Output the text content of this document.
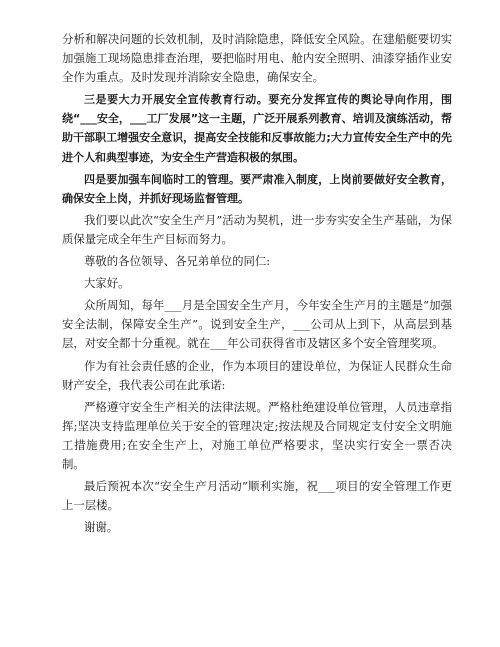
分析和解决问题的长效机制，及时消除隐患，降低安全风险。在建船艇要切实加强施工现场隐患排查治理，要把临时用电、舱内安全照明、油漆穿插作业安全作为重点。及时发现并消除安全隐患，确保安全。

三是要大力开展安全宣传教育行动。要充分发挥宣传的舆论导向作用，围绕“___安全，___工厂发展”这一主题，广泛开展系列教育、培训及演练活动，帮助干部职工增强安全意识，提高安全技能和反事故能力;大力宣传安全生产中的先进个人和典型事迹，为安全生产营造积极的氛围。

四是要加强车间临时工的管理。要严肃准入制度，上岗前要做好安全教育，确保安全上岗，并抓好现场监督管理。

我们要以此次“安全生产月”活动为契机，进一步夯实安全生产基础，为保质保量完成全年生产目标而努力。

尊敬的各位领导、各兄弟单位的同仁:

大家好。

众所周知，每年___月是全国安全生产月，今年安全生产月的主题是“加强安全法制，保障安全生产”。说到安全生产，___公司从上到下，从高层到基层，对安全都十分重视。就在___年公司获得省市及辖区多个安全管理奖项。

作为有社会责任感的企业，作为本项目的建设单位，为保证人民群众生命财产安全，我代表公司在此承诺:

严格遵守安全生产相关的法律法规。严格杜绝建设单位管理，人员违章指挥;坚决支持监理单位关于安全的管理决定;按法规及合同规定支付安全文明施工措施费用;在安全生产上，对施工单位严格要求，坚决实行安全一票否决制。

最后预祝本次“安全生产月活动”顺利实施，祝___项目的安全管理工作更上一层楼。

谢谢。
